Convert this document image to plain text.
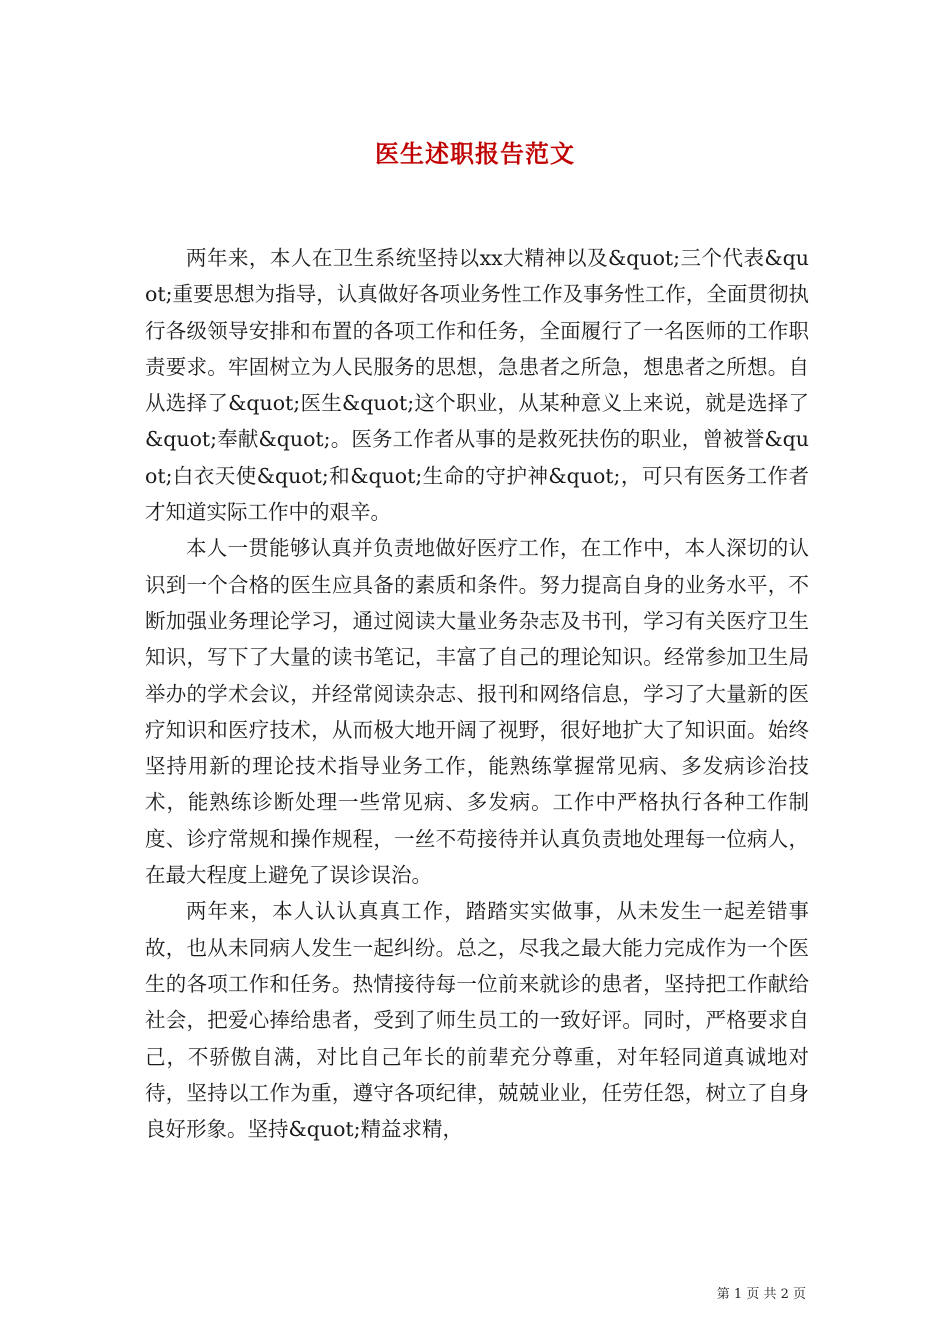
医生述职报告范文

两年来，本人在卫生系统坚持以xx大精神以及&quot;三个代表&quot;重要思想为指导，认真做好各项业务性工作及事务性工作，全面贯彻执行各级领导安排和布置的各项工作和任务，全面履行了一名医师的工作职责要求。牢固树立为人民服务的思想，急患者之所急，想患者之所想。自从选择了&quot;医生&quot;这个职业，从某种意义上来说，就是选择了&quot;奉献&quot;。医务工作者从事的是救死扶伤的职业，曾被誉&quot;白衣天使&quot;和&quot;生命的守护神&quot;，可只有医务工作者才知道实际工作中的艰辛。

本人一贯能够认真并负责地做好医疗工作，在工作中，本人深切的认识到一个合格的医生应具备的素质和条件。努力提高自身的业务水平，不断加强业务理论学习，通过阅读大量业务杂志及书刊，学习有关医疗卫生知识，写下了大量的读书笔记，丰富了自己的理论知识。经常参加卫生局举办的学术会议，并经常阅读杂志、报刊和网络信息，学习了大量新的医疗知识和医疗技术，从而极大地开阔了视野，很好地扩大了知识面。始终坚持用新的理论技术指导业务工作，能熟练掌握常见病、多发病诊治技术，能熟练诊断处理一些常见病、多发病。工作中严格执行各种工作制度、诊疗常规和操作规程，一丝不苟接待并认真负责地处理每一位病人，在最大程度上避免了误诊误治。

两年来，本人认认真真工作，踏踏实实做事，从未发生一起差错事故，也从未同病人发生一起纠纷。总之，尽我之最大能力完成作为一个医生的各项工作和任务。热情接待每一位前来就诊的患者，坚持把工作献给社会，把爱心捧给患者，受到了师生员工的一致好评。同时，严格要求自己，不骄傲自满，对比自己年长的前辈充分尊重，对年轻同道真诚地对待，坚持以工作为重，遵守各项纪律，兢兢业业，任劳任怨，树立了自身良好形象。坚持&quot;精益求精，

第 1 页 共 2 页
